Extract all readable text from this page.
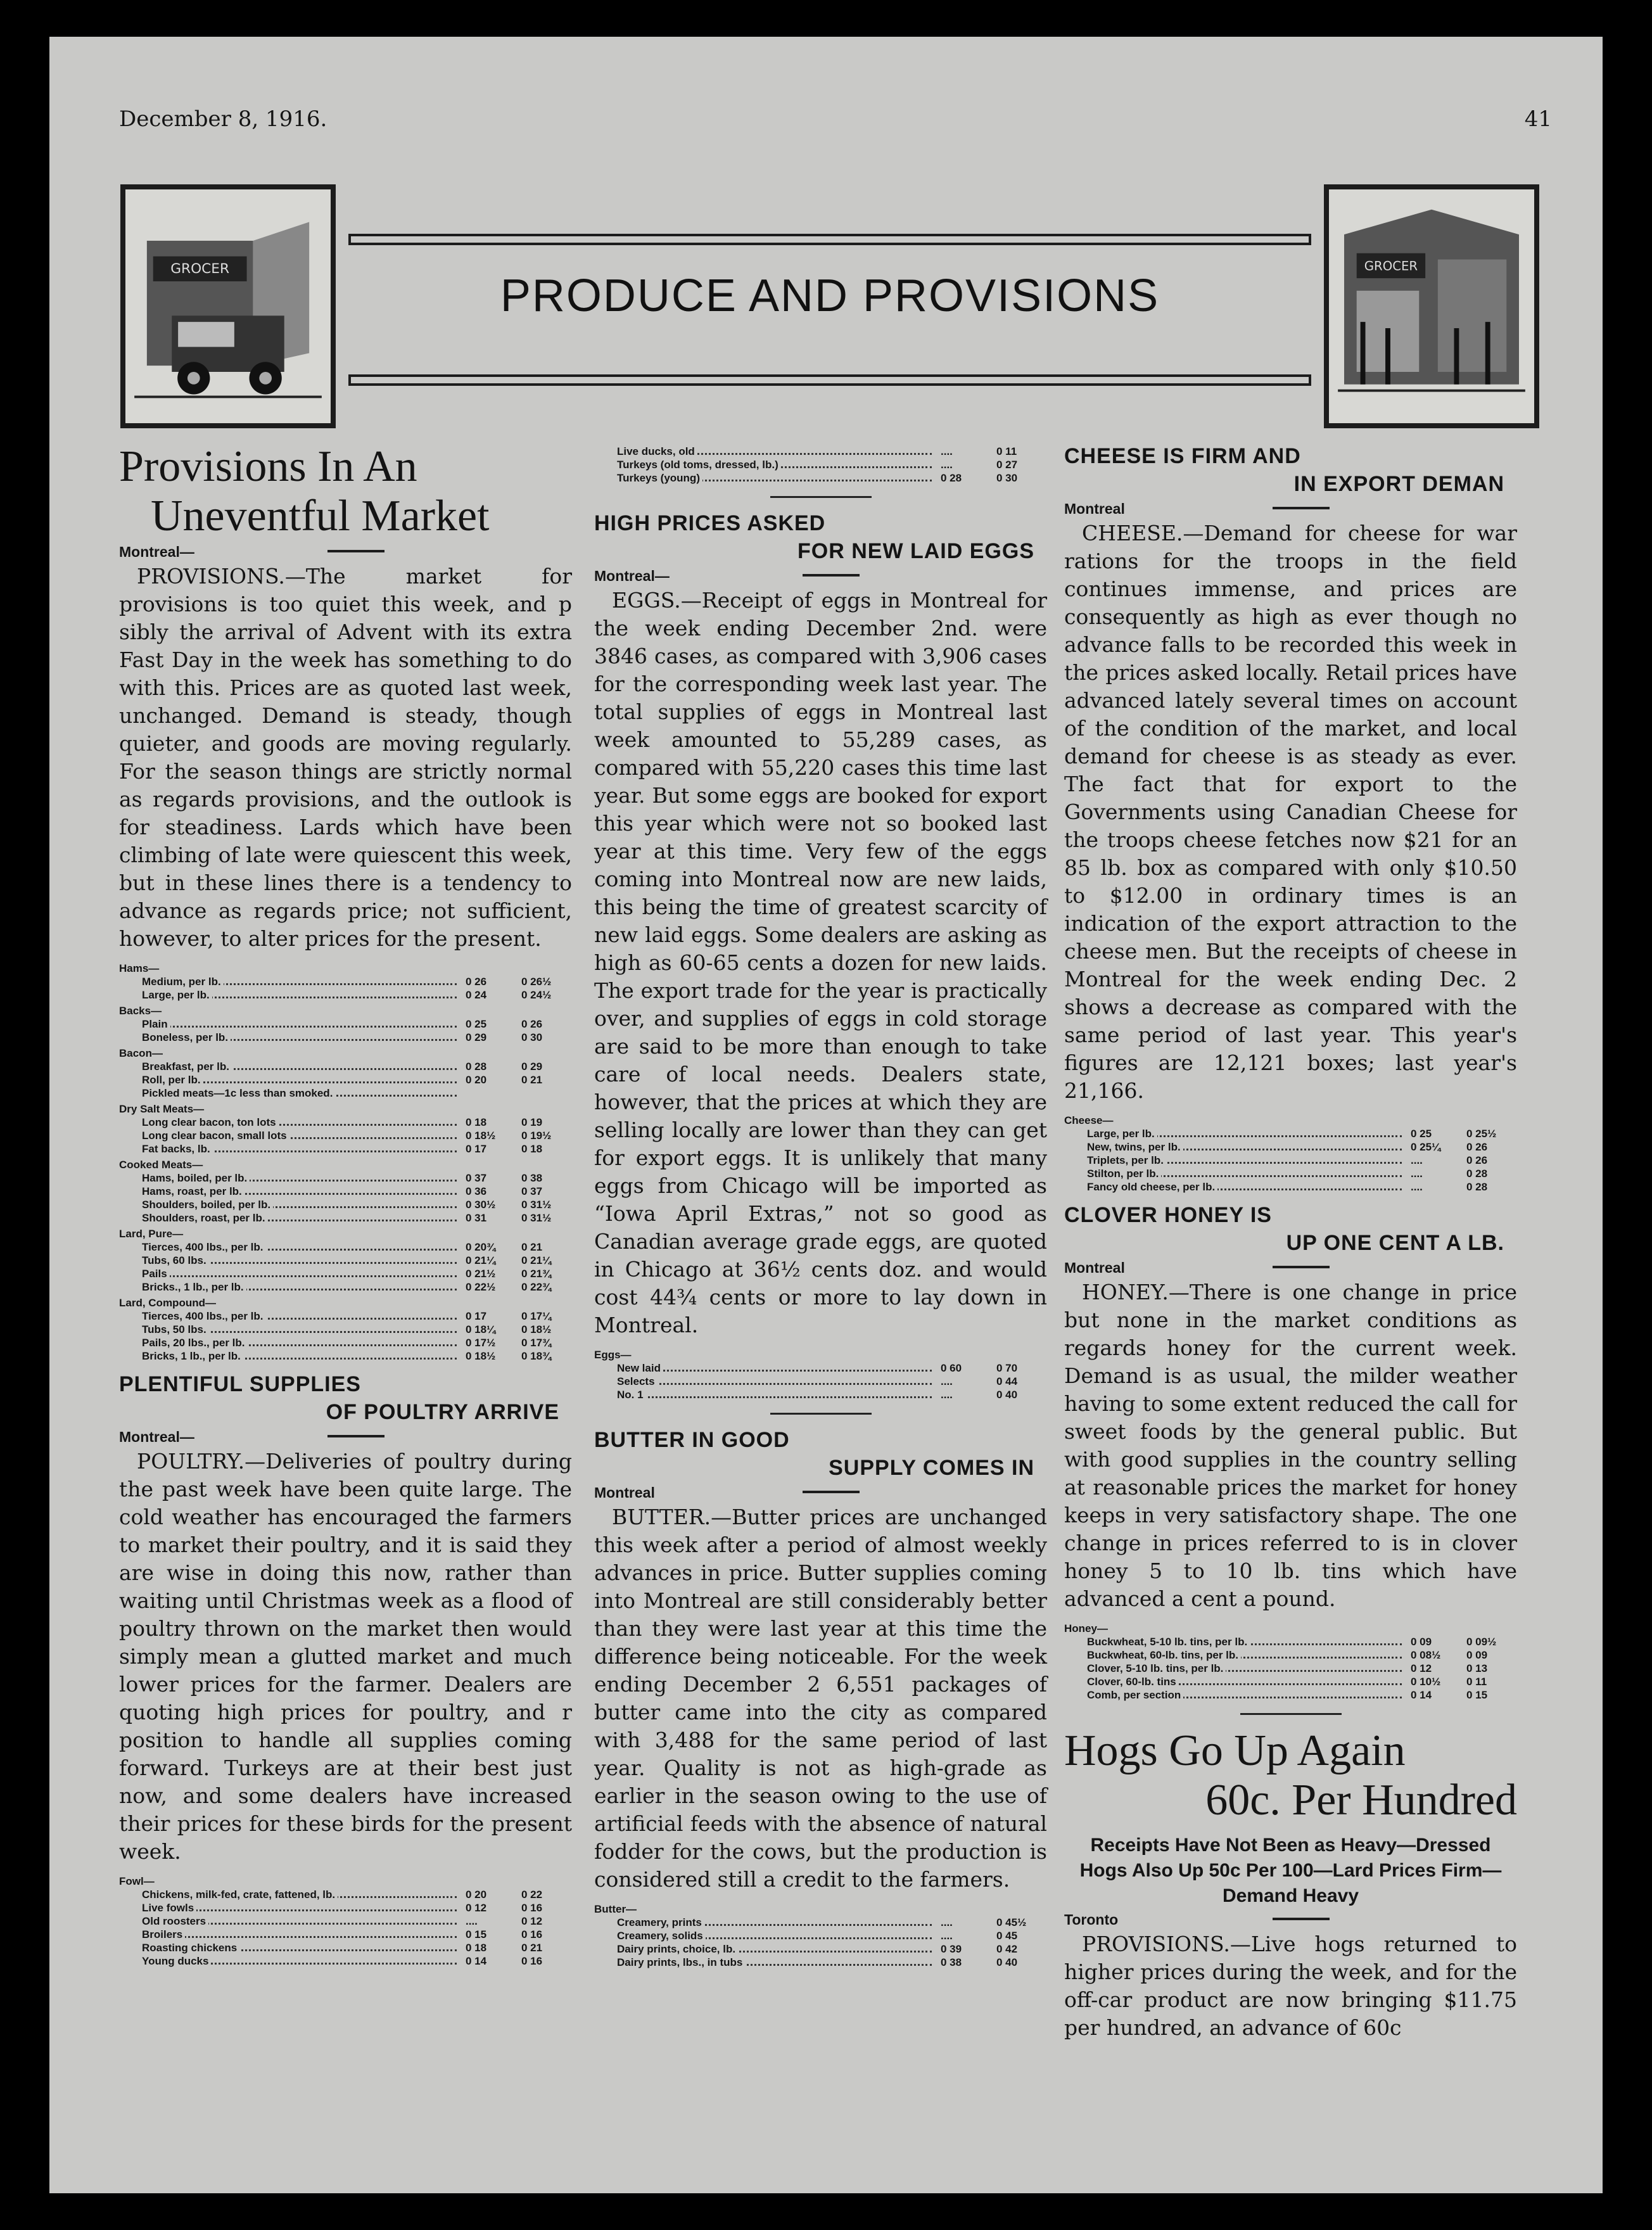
December 8, 1916.	41
GROCER
PRODUCE AND PROVISIONS
GROCER
Provisions In An
Uneventful Market
Montreal—

PROVISIONS.—The market for provisions is too quiet this week, and p sibly the arrival of Advent with its extra Fast Day in the week has something to do with this. Prices are as quoted last week, unchanged. Demand is steady, though quieter, and goods are moving regularly. For the season things are strictly normal as regards provisions, and the outlook is for steadiness. Lards which have been climbing of late were quiescent this week, but in these lines there is a tendency to advance as regards price; not sufficient, however, to alter prices for the present.

Hams—		
Medium, per lb.	0 26	0 26½
Large, per lb.	0 24	0 24½
Backs—		
Plain	0 25	0 26
Boneless, per lb.	0 29	0 30
Bacon—		
Breakfast, per lb.	0 28	0 29
Roll, per lb.	0 20	0 21
Pickled meats—1c less than smoked.		
Dry Salt Meats—		
Long clear bacon, ton lots	0 18	0 19
Long clear bacon, small lots	0 18½	0 19½
Fat backs, lb.	0 17	0 18
Cooked Meats—		
Hams, boiled, per lb.	0 37	0 38
Hams, roast, per lb.	0 36	0 37
Shoulders, boiled, per lb.	0 30½	0 31½
Shoulders, roast, per lb.	0 31	0 31½
Lard, Pure—		
Tierces, 400 lbs., per lb.	0 20¾	0 21
Tubs, 60 lbs.	0 21¼	0 21¼
Pails	0 21½	0 21¾
Bricks., 1 lb., per lb.	0 22½	0 22¾
Lard, Compound—		
Tierces, 400 lbs., per lb.	0 17	0 17¼
Tubs, 50 lbs.	0 18¼	0 18½
Pails, 20 lbs., per lb.	0 17½	0 17¾
Bricks, 1 lb., per lb.	0 18½	0 18¾
PLENTIFUL SUPPLIES
OF POULTRY ARRIVE
Montreal—

POULTRY.—Deliveries of poultry during the past week have been quite large. The cold weather has encouraged the farmers to market their poultry, and it is said they are wise in doing this now, rather than waiting until Christmas week as a flood of poultry thrown on the market then would simply mean a glutted market and much lower prices for the farmer. Dealers are quoting high prices for poultry, and r position to handle all supplies coming forward. Turkeys are at their best just now, and some dealers have increased their prices for these birds for the present week.

Fowl—		
Chickens, milk-fed, crate, fattened, lb.	0 20	0 22
Live fowls	0 12	0 16
Old roosters	....	0 12
Broilers	0 15	0 16
Roasting chickens	0 18	0 21
Young ducks	0 14	0 16
Live ducks, old	....	0 11
Turkeys (old toms, dressed, lb.)	....	0 27
Turkeys (young)	0 28	0 30
HIGH PRICES ASKED
FOR NEW LAID EGGS
Montreal—

EGGS.—Receipt of eggs in Montreal for the week ending December 2nd. were 3846 cases, as compared with 3,906 cases for the corresponding week last year. The total supplies of eggs in Montreal last week amounted to 55,289 cases, as compared with 55,220 cases this time last year. But some eggs are booked for export this year which were not so booked last year at this time. Very few of the eggs coming into Montreal now are new laids, this being the time of greatest scarcity of new laid eggs. Some dealers are asking as high as 60-65 cents a dozen for new laids. The export trade for the year is practically over, and supplies of eggs in cold storage are said to be more than enough to take care of local needs. Dealers state, however, that the prices at which they are selling locally are lower than they can get for export eggs. It is unlikely that many eggs from Chicago will be imported as “Iowa April Extras,” not so good as Canadian average grade eggs, are quoted in Chicago at 36½ cents doz. and would cost 44¾ cents or more to lay down in Montreal.

Eggs—		
New laid	0 60	0 70
Selects	....	0 44
No. 1	....	0 40
BUTTER IN GOOD
SUPPLY COMES IN
Montreal

BUTTER.—Butter prices are unchanged this week after a period of almost weekly advances in price. Butter supplies coming into Montreal are still considerably better than they were last year at this time the difference being noticeable. For the week ending December 2 6,551 packages of butter came into the city as compared with 3,488 for the same period of last year. Quality is not as high-grade as earlier in the season owing to the use of artificial feeds with the absence of natural fodder for the cows, but the production is considered still a credit to the farmers.

Butter—		
Creamery, prints	....	0 45½
Creamery, solids	....	0 45
Dairy prints, choice, lb.	0 39	0 42
Dairy prints, lbs., in tubs	0 38	0 40
CHEESE IS FIRM AND
IN EXPORT DEMAN
Montreal

CHEESE.—Demand for cheese for war rations for the troops in the field continues immense, and prices are consequently as high as ever though no advance falls to be recorded this week in the prices asked locally. Retail prices have advanced lately several times on account of the condition of the market, and local demand for cheese is as steady as ever. The fact that for export to the Governments using Canadian Cheese for the troops cheese fetches now $21 for an 85 lb. box as compared with only $10.50 to $12.00 in ordinary times is an indication of the export attraction to the cheese men. But the receipts of cheese in Montreal for the week ending Dec. 2 shows a decrease as compared with the same period of last year. This year's figures are 12,121 boxes; last year's 21,166.

Cheese—		
Large, per lb.	0 25	0 25½
New, twins, per lb.	0 25¼	0 26
Triplets, per lb.	....	0 26
Stilton, per lb.	....	0 28
Fancy old cheese, per lb.	....	0 28
CLOVER HONEY IS
UP ONE CENT A LB.
Montreal

HONEY.—There is one change in price but none in the market conditions as regards honey for the current week. Demand is as usual, the milder weather having to some extent reduced the call for sweet foods by the general public. But with good supplies in the country selling at reasonable prices the market for honey keeps in very satisfactory shape. The one change in prices referred to is in clover honey 5 to 10 lb. tins which have advanced a cent a pound.

Honey—		
Buckwheat, 5-10 lb. tins, per lb.	0 09	0 09½
Buckwheat, 60-lb. tins, per lb.	0 08½	0 09
Clover, 5-10 lb. tins, per lb.	0 12	0 13
Clover, 60-lb. tins	0 10½	0 11
Comb, per section	0 14	0 15
Hogs Go Up Again
60c. Per Hundred
Receipts Have Not Been as Heavy—Dressed Hogs Also Up 50c Per 100—Lard Prices Firm—Demand Heavy
Toronto

PROVISIONS.—Live hogs returned to higher prices during the week, and for the off-car product are now bringing $11.75 per hundred, an advance of 60c
